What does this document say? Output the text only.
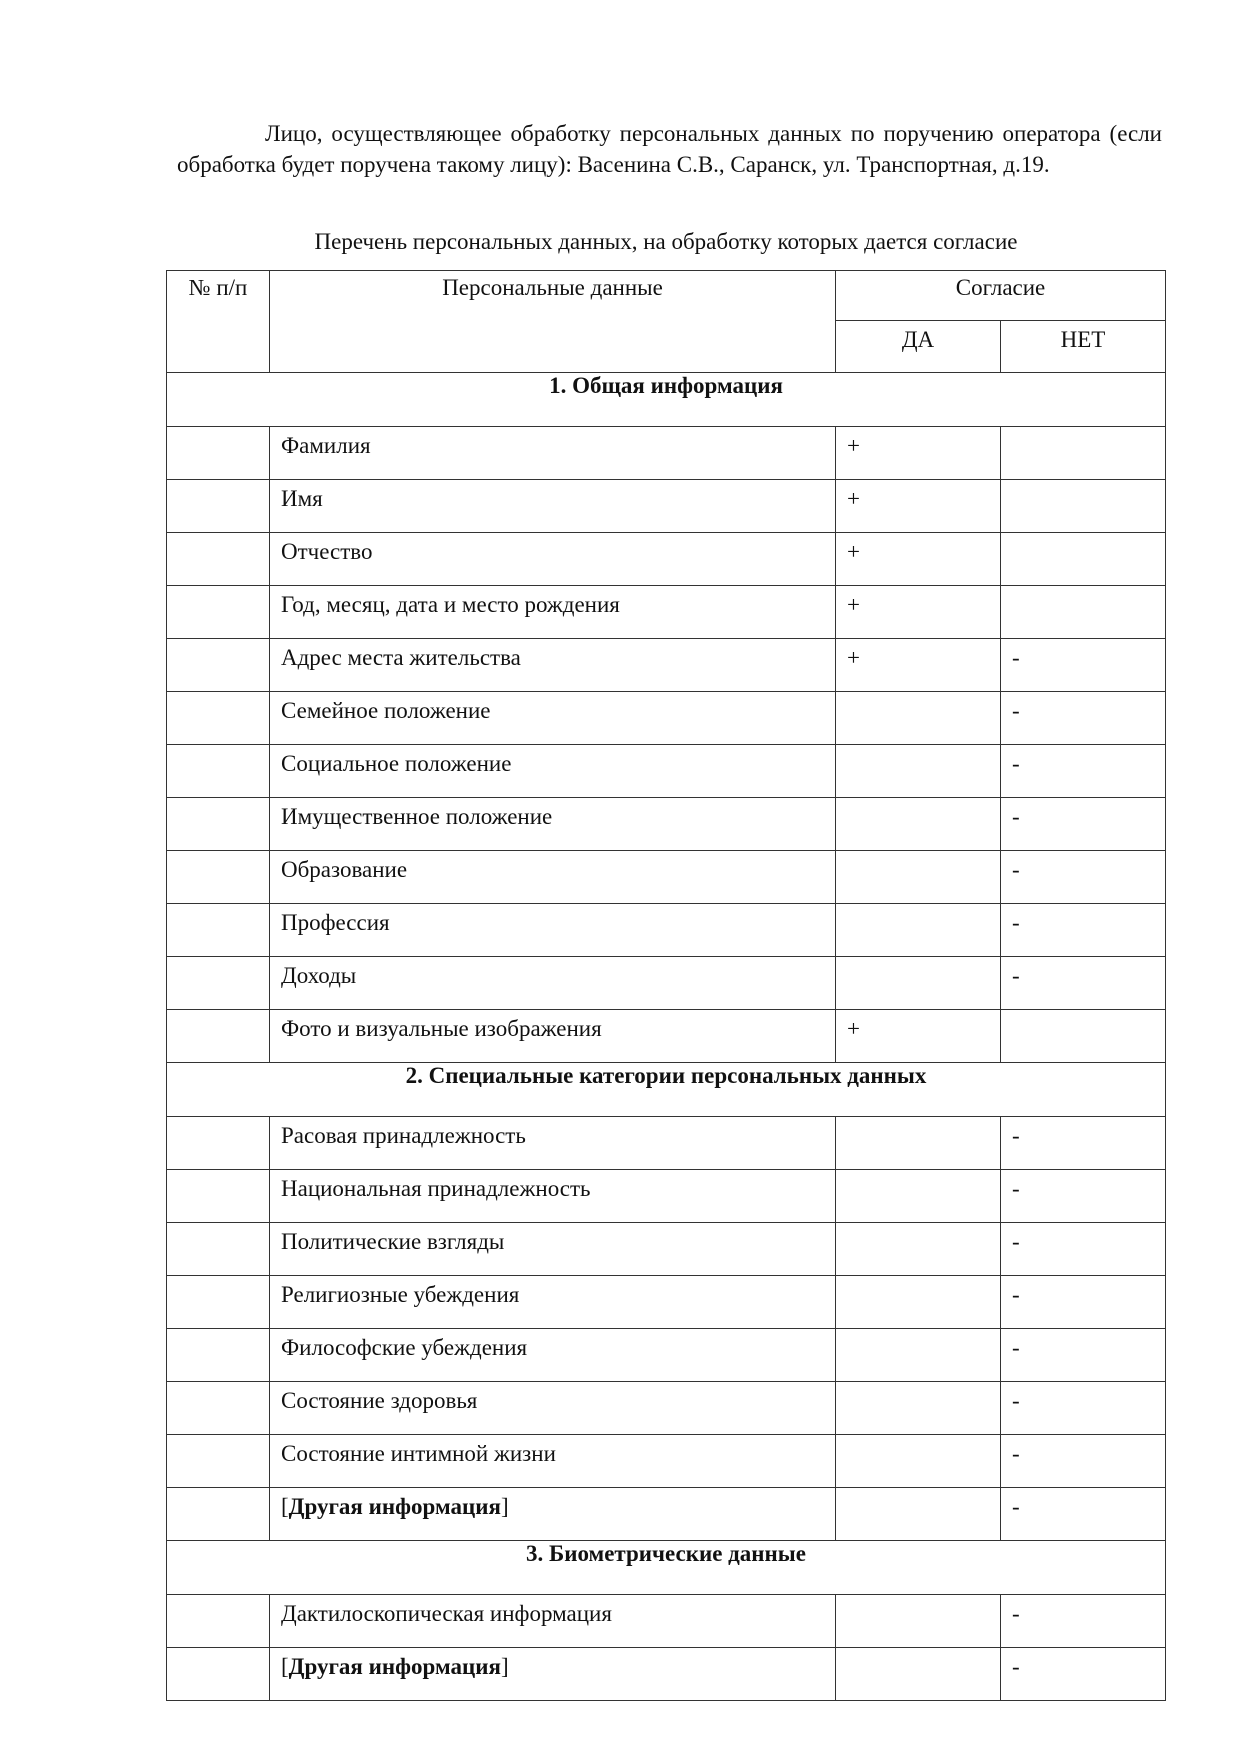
Лицо, осуществляющее обработку персональных данных по поручению оператора (если обработка будет поручена такому лицу): Васенина С.В., Саранск, ул. Транспортная, д.19.

Перечень персональных данных, на обработку которых дается согласие

№ п/п	Персональные данные	Согласие	
		ДА	НЕТ
1. Общая информация			
	Фамилия	+	
	Имя	+	
	Отчество	+	
	Год, месяц, дата и место рождения	+	
	Адрес места жительства	+	-
	Семейное положение		-
	Социальное положение		-
	Имущественное положение		-
	Образование		-
	Профессия		-
	Доходы		-
	Фото и визуальные изображения	+	
2. Специальные категории персональных данных			
	Расовая принадлежность		-
	Национальная принадлежность		-
	Политические взгляды		-
	Религиозные убеждения		-
	Философские убеждения		-
	Состояние здоровья		-
	Состояние интимной жизни		-
	[Другая информация]		-
3. Биометрические данные			
	Дактилоскопическая информация		-
	[Другая информация]		-
